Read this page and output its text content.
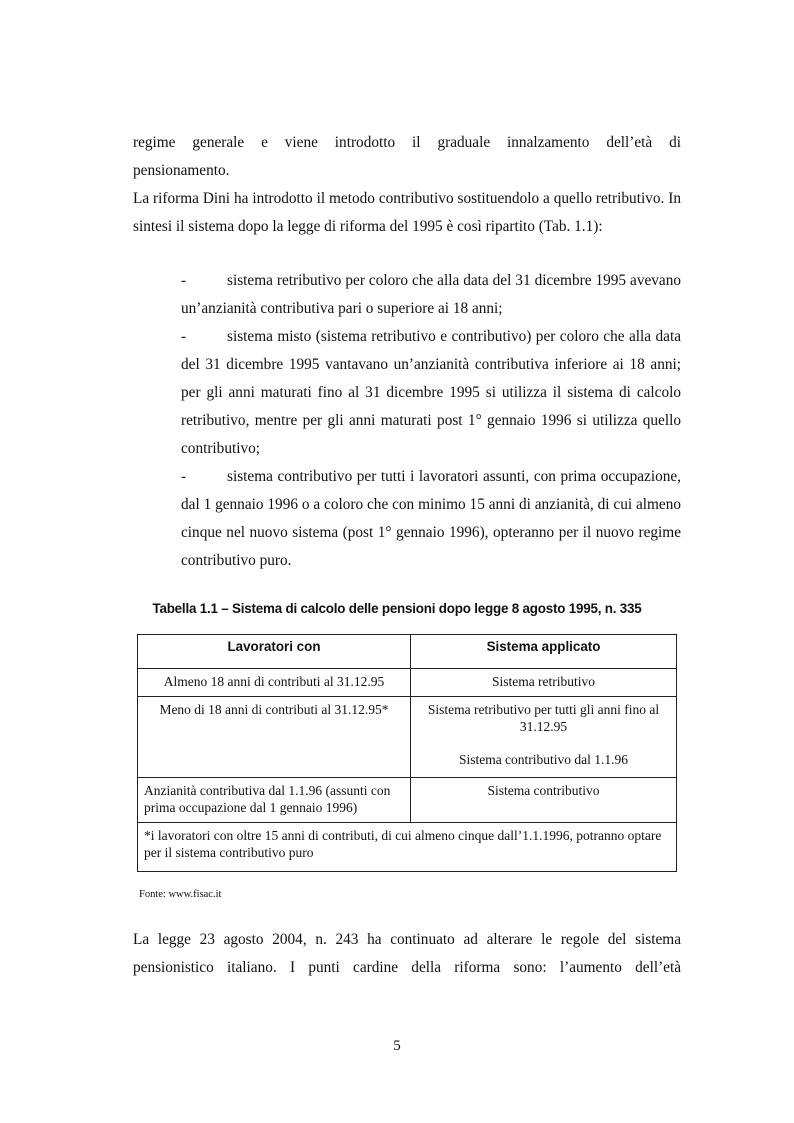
regime generale e viene introdotto il graduale innalzamento dell’età di

pensionamento.

La riforma Dini ha introdotto il metodo contributivo sostituendolo a quello retributivo. In sintesi il sistema dopo la legge di riforma del 1995 è così ripartito (Tab. 1.1):

-	sistema retributivo per coloro che alla data del 31 dicembre 1995 avevano un’anzianità contributiva pari o superiore ai 18 anni;
-	sistema misto (sistema retributivo e contributivo) per coloro che alla data del 31 dicembre 1995 vantavano un’anzianità contributiva inferiore ai 18 anni; per gli anni maturati fino al 31 dicembre 1995 si utilizza il sistema di calcolo retributivo, mentre per gli anni maturati post 1° gennaio 1996 si utilizza quello contributivo;
-	sistema contributivo per tutti i lavoratori assunti, con prima occupazione, dal 1 gennaio 1996 o a coloro che con minimo 15 anni di anzianità, di cui almeno cinque nel nuovo sistema (post 1° gennaio 1996), opteranno per il nuovo regime contributivo puro.
Tabella 1.1 – Sistema di calcolo delle pensioni dopo legge 8 agosto 1995, n. 335
Lavoratori con	Sistema applicato
Almeno 18 anni di contributi al 31.12.95	Sistema retributivo
Meno di 18 anni di contributi al 31.12.95*	Sistema retributivo per tutti gli anni fino al 31.12.95
Sistema contributivo dal 1.1.96

Anzianità contributiva dal 1.1.96 (assunti con prima occupazione dal 1 gennaio 1996)	Sistema contributivo
*i lavoratori con oltre 15 anni di contributi, di cui almeno cinque dall’1.1.1996, potranno optare per il sistema contributivo puro	
Fonte: www.fisac.it

La legge 23 agosto 2004, n. 243 ha continuato ad alterare le regole del sistema pensionistico italiano. I punti cardine della riforma sono: l’aumento dell’età

5
